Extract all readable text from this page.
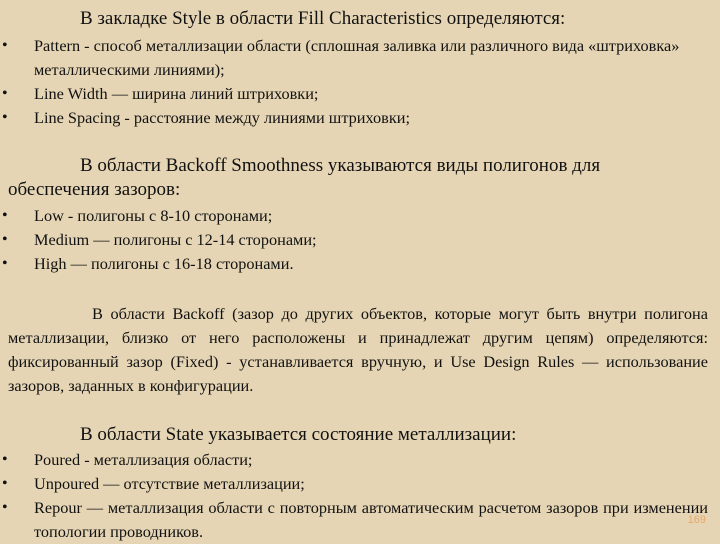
В закладке Style в области Fill Characteristics определяются:
•	Pattern - способ металлизации области (сплошная заливка или различного вида «штриховка» металлическими линиями);
•	Line Width — ширина линий штриховки;
•	Line Spacing - расстояние между линиями штриховки;
В области Backoff Smoothness указываются виды полигонов для
обеспечения зазоров:
•	Low - полигоны с 8-10 сторонами;
•	Medium — полигоны с 12-14 сторонами;
•	High — полигоны с 16-18 сторонами.
В области Backoff (зазор до других объектов, которые могут быть внутри полигона металлизации, близко от него расположены и принадлежат другим цепям) определяются: фиксированный зазор (Fixed) - устанавливается вручную, и Use Design Rules — использование зазоров, заданных в конфигурации.
В области State указывается состояние металлизации:
•	Poured - металлизация области;
•	Unpoured — отсутствие металлизации;
•	Repour — металлизация области с повторным автоматическим расчетом зазоров при изменении топологии проводников.
169
